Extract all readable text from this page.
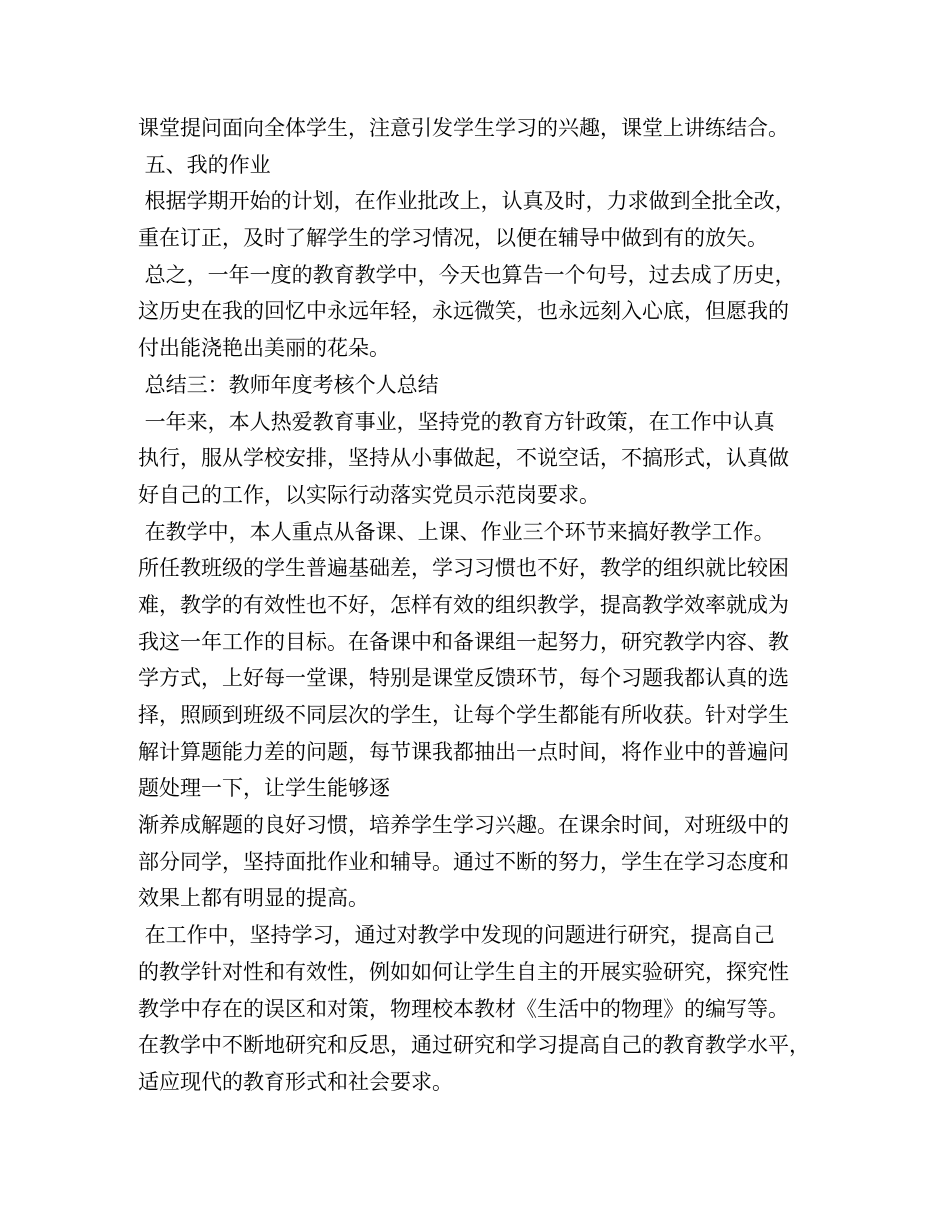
课堂提问面向全体学生，注意引发学生学习的兴趣，课堂上讲练结合。
五、我的作业
根据学期开始的计划，在作业批改上，认真及时，力求做到全批全改，
重在订正，及时了解学生的学习情况，以便在辅导中做到有的放矢。
总之，一年一度的教育教学中，今天也算告一个句号，过去成了历史，
这历史在我的回忆中永远年轻，永远微笑，也永远刻入心底，但愿我的
付出能浇艳出美丽的花朵。
总结三：教师年度考核个人总结
一年来，本人热爱教育事业，坚持党的教育方针政策，在工作中认真
执行，服从学校安排，坚持从小事做起，不说空话，不搞形式，认真做
好自己的工作，以实际行动落实党员示范岗要求。
在教学中，本人重点从备课、上课、作业三个环节来搞好教学工作。
所任教班级的学生普遍基础差，学习习惯也不好，教学的组织就比较困
难，教学的有效性也不好，怎样有效的组织教学，提高教学效率就成为
我这一年工作的目标。在备课中和备课组一起努力，研究教学内容、教
学方式，上好每一堂课，特别是课堂反馈环节，每个习题我都认真的选
择，照顾到班级不同层次的学生，让每个学生都能有所收获。针对学生
解计算题能力差的问题，每节课我都抽出一点时间，将作业中的普遍问
题处理一下，让学生能够逐
渐养成解题的良好习惯，培养学生学习兴趣。在课余时间，对班级中的
部分同学，坚持面批作业和辅导。通过不断的努力，学生在学习态度和
效果上都有明显的提高。
在工作中，坚持学习，通过对教学中发现的问题进行研究，提高自己
的教学针对性和有效性，例如如何让学生自主的开展实验研究，探究性
教学中存在的误区和对策，物理校本教材《生活中的物理》的编写等。
在教学中不断地研究和反思，通过研究和学习提高自己的教育教学水平，
适应现代的教育形式和社会要求。
